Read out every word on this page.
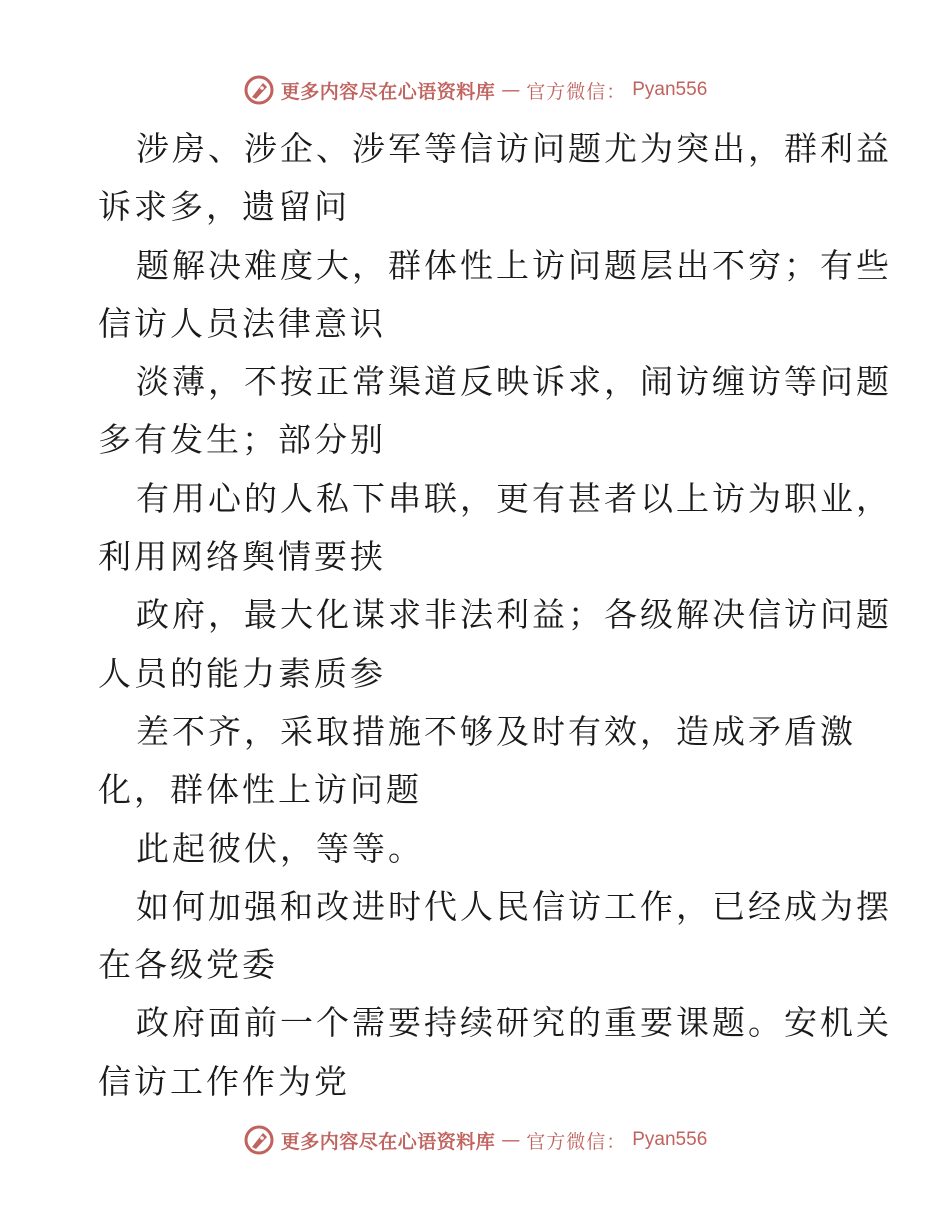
更多内容尽在心语资料库 — 官方微信： Pyan556
涉房、涉企、涉军等信访问题尤为突出，群利益
诉求多，遗留问
题解决难度大，群体性上访问题层出不穷；有些
信访人员法律意识
淡薄，不按正常渠道反映诉求，闹访缠访等问题
多有发生；部分别
有用心的人私下串联，更有甚者以上访为职业，
利用网络舆情要挟
政府，最大化谋求非法利益；各级解决信访问题
人员的能力素质参
差不齐，采取措施不够及时有效，造成矛盾激
化，群体性上访问题
此起彼伏，等等。
如何加强和改进时代人民信访工作，已经成为摆
在各级党委
政府面前一个需要持续研究的重要课题。安机关
信访工作作为党
更多内容尽在心语资料库 — 官方微信： Pyan556
